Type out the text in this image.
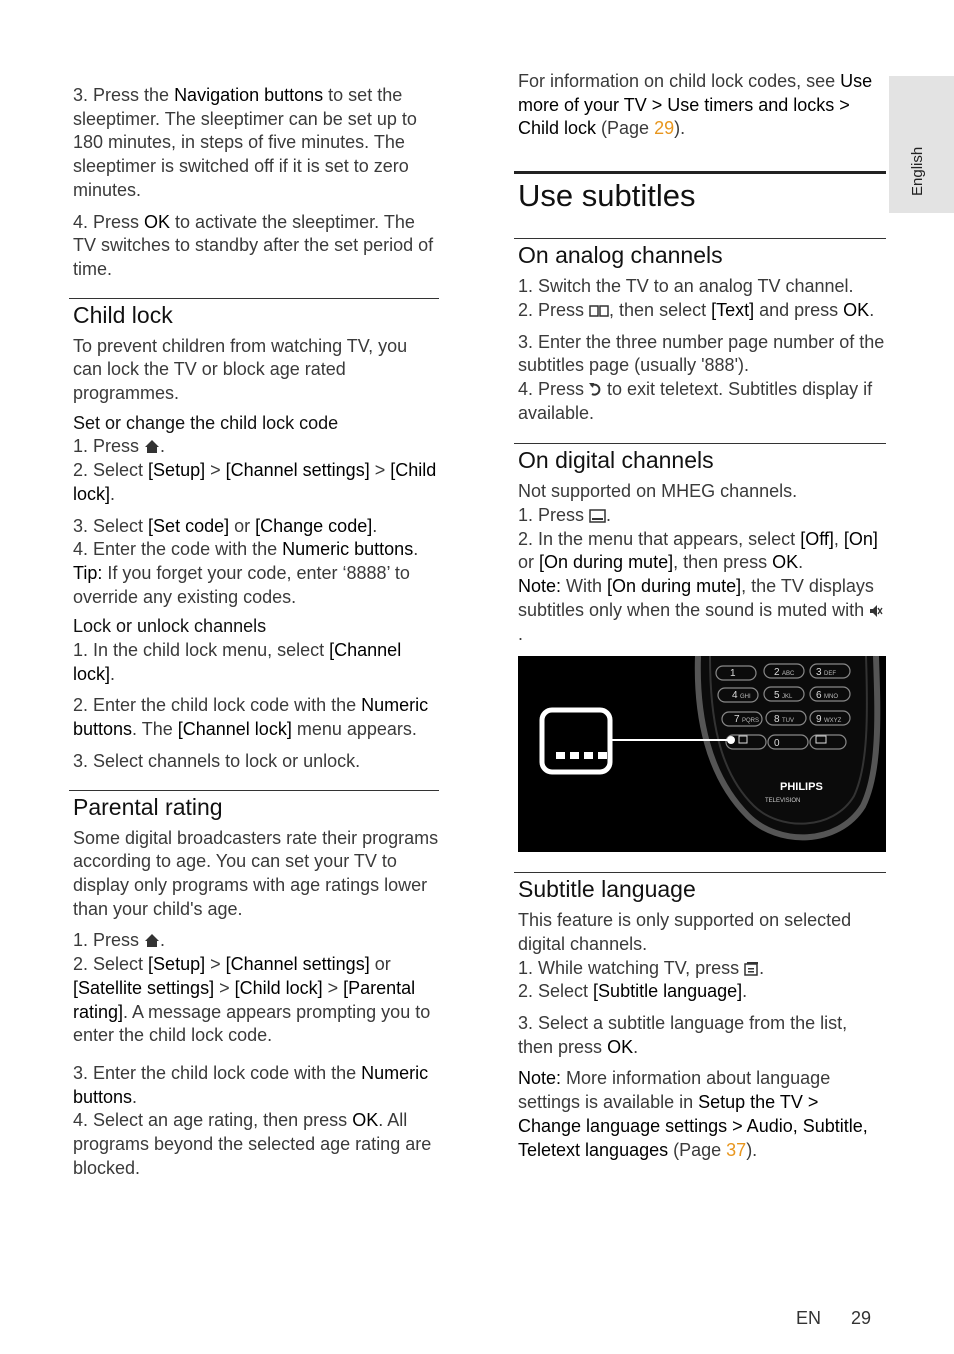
English

3. Press the Navigation buttons to set the sleeptimer. The sleeptimer can be set up to 180 minutes, in steps of five minutes. The sleeptimer is switched off if it is set to zero minutes.

4. Press OK to activate the sleeptimer. The TV switches to standby after the set period of time.

Child lock

To prevent children from watching TV, you can lock the TV or block age rated programmes.

Set or change the child lock code

1. Press .

2. Select [Setup] > [Channel settings] > [Child lock].

3. Select [Set code] or [Change code].

4. Enter the code with the Numeric buttons.

Tip: If you forget your code, enter ‘8888’ to override any existing codes.

Lock or unlock channels

1. In the child lock menu, select [Channel lock].

2. Enter the child lock code with the Numeric buttons. The [Channel lock] menu appears.

3. Select channels to lock or unlock.

Parental rating

Some digital broadcasters rate their programs according to age. You can set your TV to display only programs with age ratings lower than your child's age.

1. Press .

2. Select [Setup] > [Channel settings] or [Satellite settings] > [Child lock] > [Parental rating]. A message appears prompting you to enter the child lock code.

3. Enter the child lock code with the Numeric buttons.

4. Select an age rating, then press OK. All programs beyond the selected age rating are blocked.

For information on child lock codes, see Use more of your TV > Use timers and locks > Child lock (Page 29).

Use subtitles
On analog channels

1. Switch the TV to an analog TV channel.

2. Press , then select [Text] and press OK.

3. Enter the three number page number of the subtitles page (usually '888').

4. Press  to exit teletext. Subtitles display if available.

On digital channels

Not supported on MHEG channels.

1. Press .

2. In the menu that appears, select [Off], [On] or [On during mute], then press OK.

Note: With [On during mute], the TV displays subtitles only when the sound is muted with .

1	2	3
4	5	6
7	8	9
0
ABC	DEF
GHI	JKL	MNO
PQRS	TUV	WXYZ
PHILIPS
TELEVISION
Subtitle language

This feature is only supported on selected digital channels.

1. While watching TV, press .

2. Select [Subtitle language].

3. Select a subtitle language from the list, then press OK.

Note: More information about language settings is available in Setup the TV > Change language settings > Audio, Subtitle, Teletext languages (Page 37).

EN 29
